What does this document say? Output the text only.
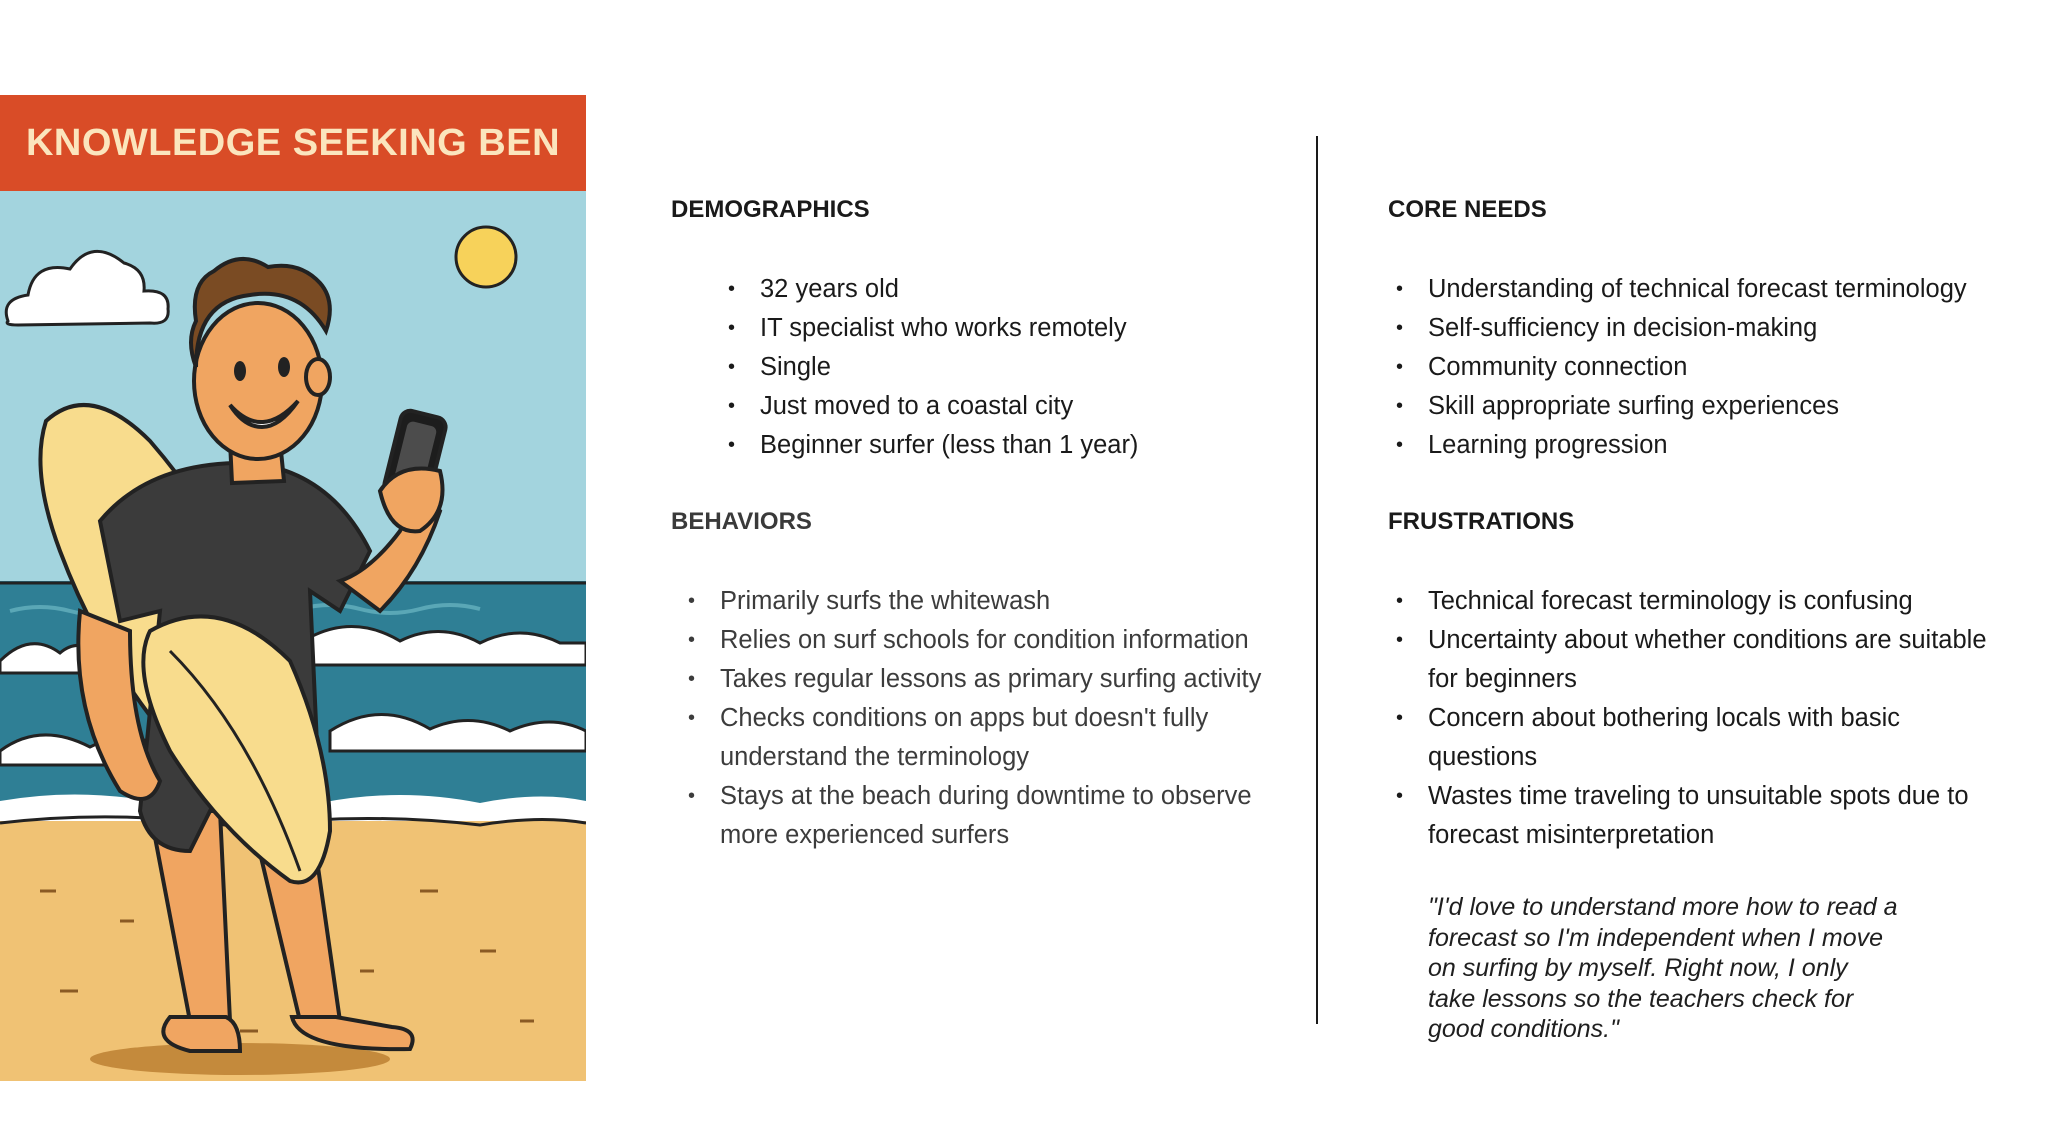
KNOWLEDGE SEEKING BEN
DEMOGRAPHICS
• 32 years old
• IT specialist who works remotely
• Single
• Just moved to a coastal city
• Beginner surfer (less than 1 year)
BEHAVIORS
• Primarily surfs the whitewash
• Relies on surf schools for condition information
• Takes regular lessons as primary surfing activity
• Checks conditions on apps but doesn't fully understand the terminology
• Stays at the beach during downtime to observe more experienced surfers
CORE NEEDS
• Understanding of technical forecast terminology
• Self-sufficiency in decision-making
• Community connection
• Skill appropriate surfing experiences
• Learning progression
FRUSTRATIONS
• Technical forecast terminology is confusing
• Uncertainty about whether conditions are suitable for beginners
• Concern about bothering locals with basic questions
• Wastes time traveling to unsuitable spots due to forecast misinterpretation

"I'd love to understand more how to read a forecast so I'm independent when I move on surfing by myself. Right now, I only take lessons so the teachers check for good conditions."
